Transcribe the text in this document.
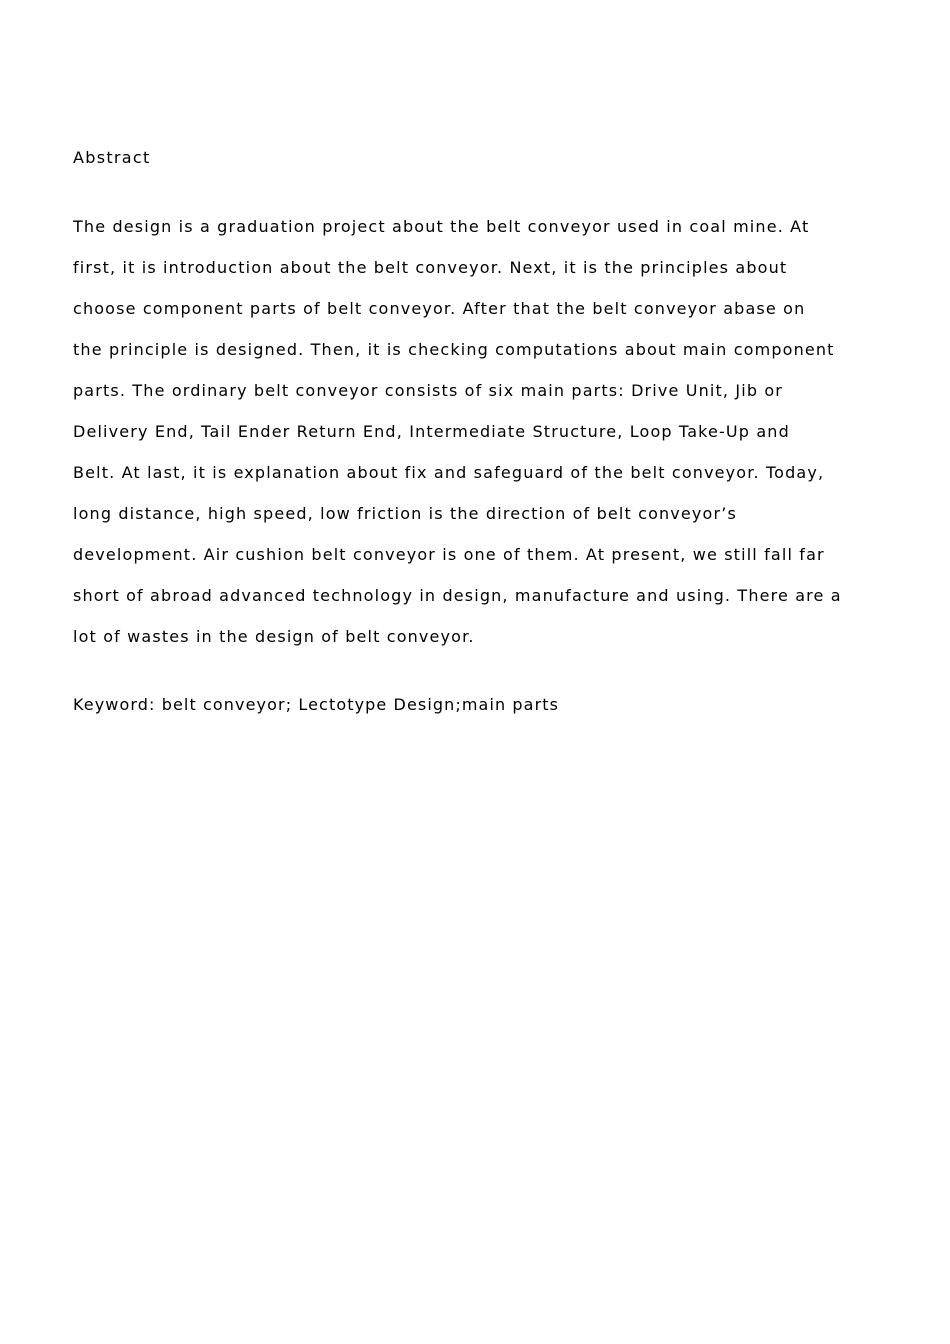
Abstract

The design is a graduation project about the belt conveyor used in coal mine. At
first, it is introduction about the belt conveyor. Next, it is the principles about
choose component parts of belt conveyor. After that the belt conveyor abase on
the principle is designed. Then, it is checking computations about main component
parts. The ordinary belt conveyor consists of six main parts: Drive Unit, Jib or
Delivery End, Tail Ender Return End, Intermediate Structure, Loop Take-Up and
Belt. At last, it is explanation about fix and safeguard of the belt conveyor. Today,
long distance, high speed, low friction is the direction of belt conveyor’s
development. Air cushion belt conveyor is one of them. At present, we still fall far
short of abroad advanced technology in design, manufacture and using. There are a
lot of wastes in the design of belt conveyor.

Keyword: belt conveyor; Lectotype Design;main parts
